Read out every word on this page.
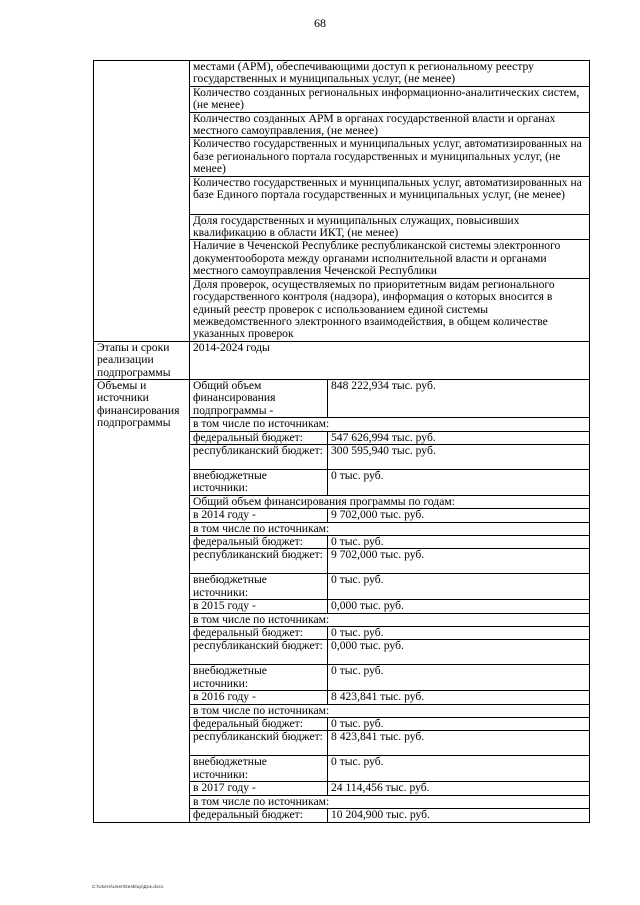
68
	местами (АРМ), обеспечивающими доступ к региональному реестру государственных и муниципальных услуг, (не менее)	
	Количество созданных региональных информационно-аналитических систем, (не менее)	
	Количество созданных АРМ в органах государственной власти и органах местного самоуправления, (не менее)	
	Количество государственных и муниципальных услуг, автоматизированных на базе регионального портала государственных и муниципальных услуг, (не менее)	
	Количество государственных и муниципальных услуг, автоматизированных на базе Единого портала государственных и муниципальных услуг, (не менее)	
	Доля государственных и муниципальных служащих, повысивших квалификацию в области ИКТ, (не менее)	
	Наличие в Чеченской Республике республиканской системы электронного документооборота между органами исполнительной власти и органами местного самоуправления Чеченской Республики	
	Доля проверок, осуществляемых по приоритетным видам регионального государственного контроля (надзора), информация о которых вносится в единый реестр проверок с использованием единой системы межведомственного электронного взаимодействия, в общем количестве указанных проверок	
Этапы и сроки реализации подпрограммы	2014-2024 годы	
Объемы и источники финансирования подпрограммы	Общий объем финансирования подпрограммы -	848 222,934 тыс. руб.
	в том числе по источникам:	
	федеральный бюджет:	547 626,994 тыс. руб.
	республиканский бюджет:	300 595,940 тыс. руб.
	внебюджетные источники:	0 тыс. руб.
	Общий объем финансирования программы по годам:	
	в 2014 году -	9 702,000 тыс. руб.
	в том числе по источникам:	
	федеральный бюджет:	0 тыс. руб.
	республиканский бюджет:	9 702,000 тыс. руб.
	внебюджетные источники:	0 тыс. руб.
	в 2015 году -	0,000 тыс. руб.
	в том числе по источникам:	
	федеральный бюджет:	0 тыс. руб.
	республиканский бюджет:	0,000 тыс. руб.
	внебюджетные источники:	0 тыс. руб.
	в 2016 году -	8 423,841 тыс. руб.
	в том числе по источникам:	
	федеральный бюджет:	0 тыс. руб.
	республиканский бюджет:	8 423,841 тыс. руб.
	внебюджетные источники:	0 тыс. руб.
	в 2017 году -	24 114,456 тыс. руб.
	в том числе по источникам:	
	федеральный бюджет:	10 204,900 тыс. руб.
С:\Users\User\Desktop\Док.docx
